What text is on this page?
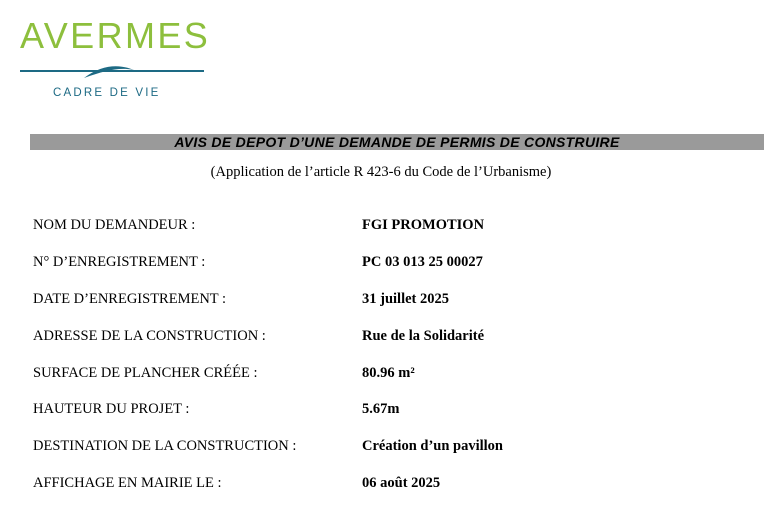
AVERMES
CADRE DE VIE
AVIS DE DEPOT D’UNE DEMANDE DE PERMIS DE CONSTRUIRE
(Application de l’article R 423-6 du Code de l’Urbanisme)
NOM DU DEMANDEUR :	FGI PROMOTION
N° D’ENREGISTREMENT :	PC 03 013 25 00027
DATE D’ENREGISTREMENT :	31 juillet 2025
ADRESSE DE LA CONSTRUCTION :	Rue de la Solidarité
SURFACE DE PLANCHER CRÉÉE :	80.96 m²
HAUTEUR DU PROJET :	5.67m
DESTINATION DE LA CONSTRUCTION :	Création d’un pavillon
AFFICHAGE EN MAIRIE LE :	06 août 2025
